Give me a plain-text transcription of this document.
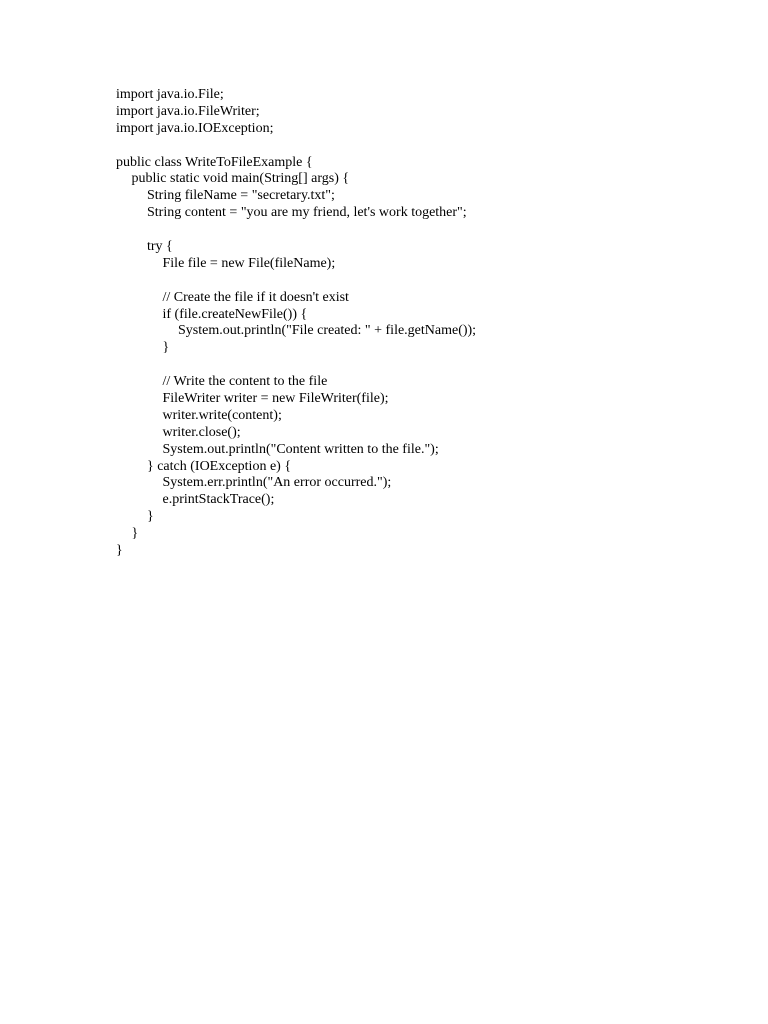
import java.io.File;
import java.io.FileWriter;
import java.io.IOException;
public class WriteToFileExample {
public static void main(String[] args) {
String fileName = "secretary.txt";
String content = "you are my friend, let's work together";
try {
File file = new File(fileName);
// Create the file if it doesn't exist
if (file.createNewFile()) {
System.out.println("File created: " + file.getName());
}
// Write the content to the file
FileWriter writer = new FileWriter(file);
writer.write(content);
writer.close();
System.out.println("Content written to the file.");
} catch (IOException e) {
System.err.println("An error occurred.");
e.printStackTrace();
}
}
}
